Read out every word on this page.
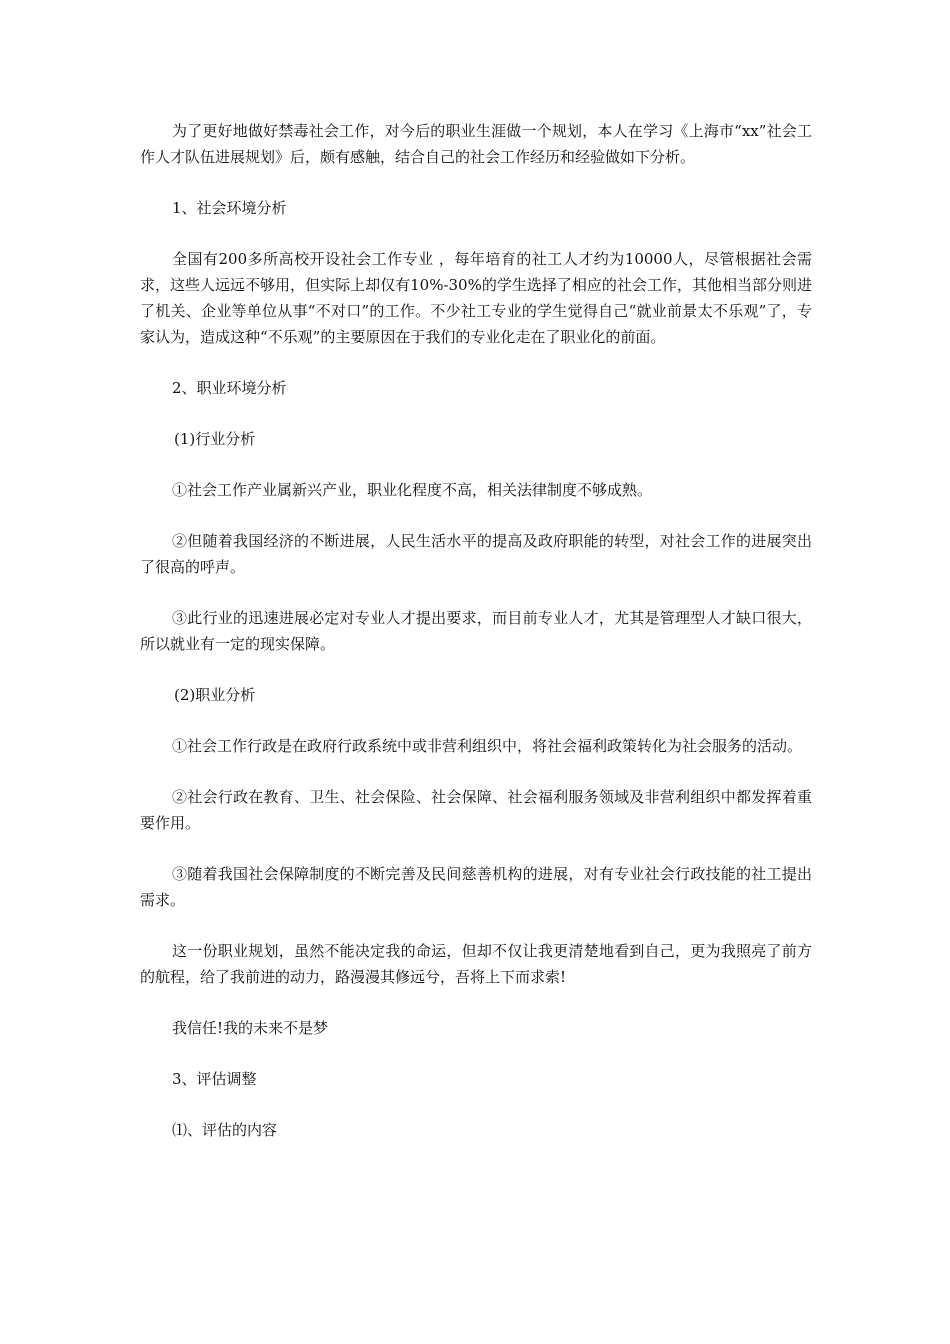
为了更好地做好禁毒社会工作，对今后的职业生涯做一个规划，本人在学习《上海市“xx”社会工作人才队伍进展规划》后，颇有感触，结合自己的社会工作经历和经验做如下分析。

1、社会环境分析

全国有200多所高校开设社会工作专业 ，每年培育的社工人才约为10000人，尽管根据社会需求，这些人远远不够用，但实际上却仅有10%-30%的学生选择了相应的社会工作，其他相当部分则进了机关、企业等单位从事“不对口”的工作。不少社工专业的学生觉得自己“就业前景太不乐观”了，专家认为，造成这种“不乐观”的主要原因在于我们的专业化走在了职业化的前面。

2、职业环境分析

(1)行业分析

①社会工作产业属新兴产业，职业化程度不高，相关法律制度不够成熟。

②但随着我国经济的不断进展，人民生活水平的提高及政府职能的转型，对社会工作的进展突出了很高的呼声。

③此行业的迅速进展必定对专业人才提出要求，而目前专业人才，尤其是管理型人才缺口很大，所以就业有一定的现实保障。

(2)职业分析

①社会工作行政是在政府行政系统中或非营利组织中，将社会福利政策转化为社会服务的活动。

②社会行政在教育、卫生、社会保险、社会保障、社会福利服务领域及非营利组织中都发挥着重要作用。

③随着我国社会保障制度的不断完善及民间慈善机构的进展，对有专业社会行政技能的社工提出需求。

这一份职业规划，虽然不能决定我的命运，但却不仅让我更清楚地看到自己，更为我照亮了前方的航程，给了我前进的动力，路漫漫其修远兮，吾将上下而求索!

我信任!我的未来不是梦

3、评估调整

⑴、评估的内容
